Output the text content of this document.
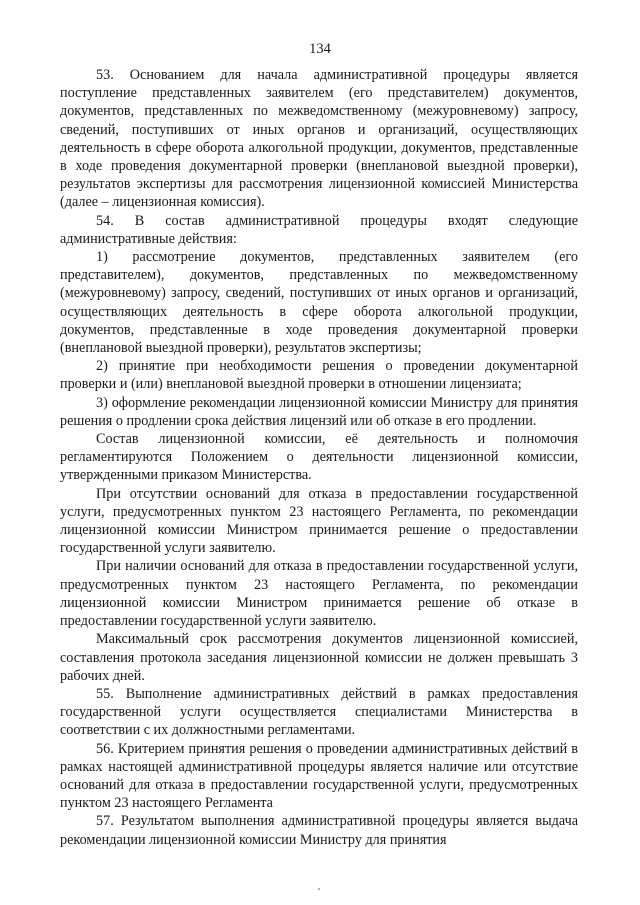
134

53. Основанием для начала административной процедуры является поступление представленных заявителем (его представителем) документов, документов, представленных по межведомственному (межуровневому) запросу, сведений, поступивших от иных органов и организаций, осуществляющих деятельность в сфере оборота алкогольной продукции, документов, представленные в ходе проведения документарной проверки (внеплановой выездной проверки), результатов экспертизы для рассмотрения лицензионной комиссией Министерства (далее – лицензионная комиссия).

54. В состав административной процедуры входят следующие административные действия:

1) рассмотрение документов, представленных заявителем (его представителем), документов, представленных по межведомственному (межуровневому) запросу, сведений, поступивших от иных органов и организаций, осуществляющих деятельность в сфере оборота алкогольной продукции, документов, представленные в ходе проведения документарной проверки (внеплановой выездной проверки), результатов экспертизы;

2) принятие при необходимости решения о проведении документарной проверки и (или) внеплановой выездной проверки в отношении лицензиата;

3) оформление рекомендации лицензионной комиссии Министру для принятия решения о продлении срока действия лицензий или об отказе в его продлении.

Состав лицензионной комиссии, её деятельность и полномочия регламентируются Положением о деятельности лицензионной комиссии, утвержденными приказом Министерства.

При отсутствии оснований для отказа в предоставлении государственной услуги, предусмотренных пунктом 23 настоящего Регламента, по рекомендации лицензионной комиссии Министром принимается решение о предоставлении государственной услуги заявителю.

При наличии оснований для отказа в предоставлении государственной услуги, предусмотренных пунктом 23 настоящего Регламента, по рекомендации лицензионной комиссии Министром принимается решение об отказе в предоставлении государственной услуги заявителю.

Максимальный срок рассмотрения документов лицензионной комиссией, составления протокола заседания лицензионной комиссии не должен превышать 3 рабочих дней.

55. Выполнение административных действий в рамках предоставления государственной услуги осуществляется специалистами Министерства в соответствии с их должностными регламентами.

56. Критерием принятия решения о проведении административных действий в рамках настоящей административной процедуры является наличие или отсутствие оснований для отказа в предоставлении государственной услуги, предусмотренных пунктом 23 настоящего Регламента

57. Результатом выполнения административной процедуры является выдача рекомендации лицензионной комиссии Министру для принятия
